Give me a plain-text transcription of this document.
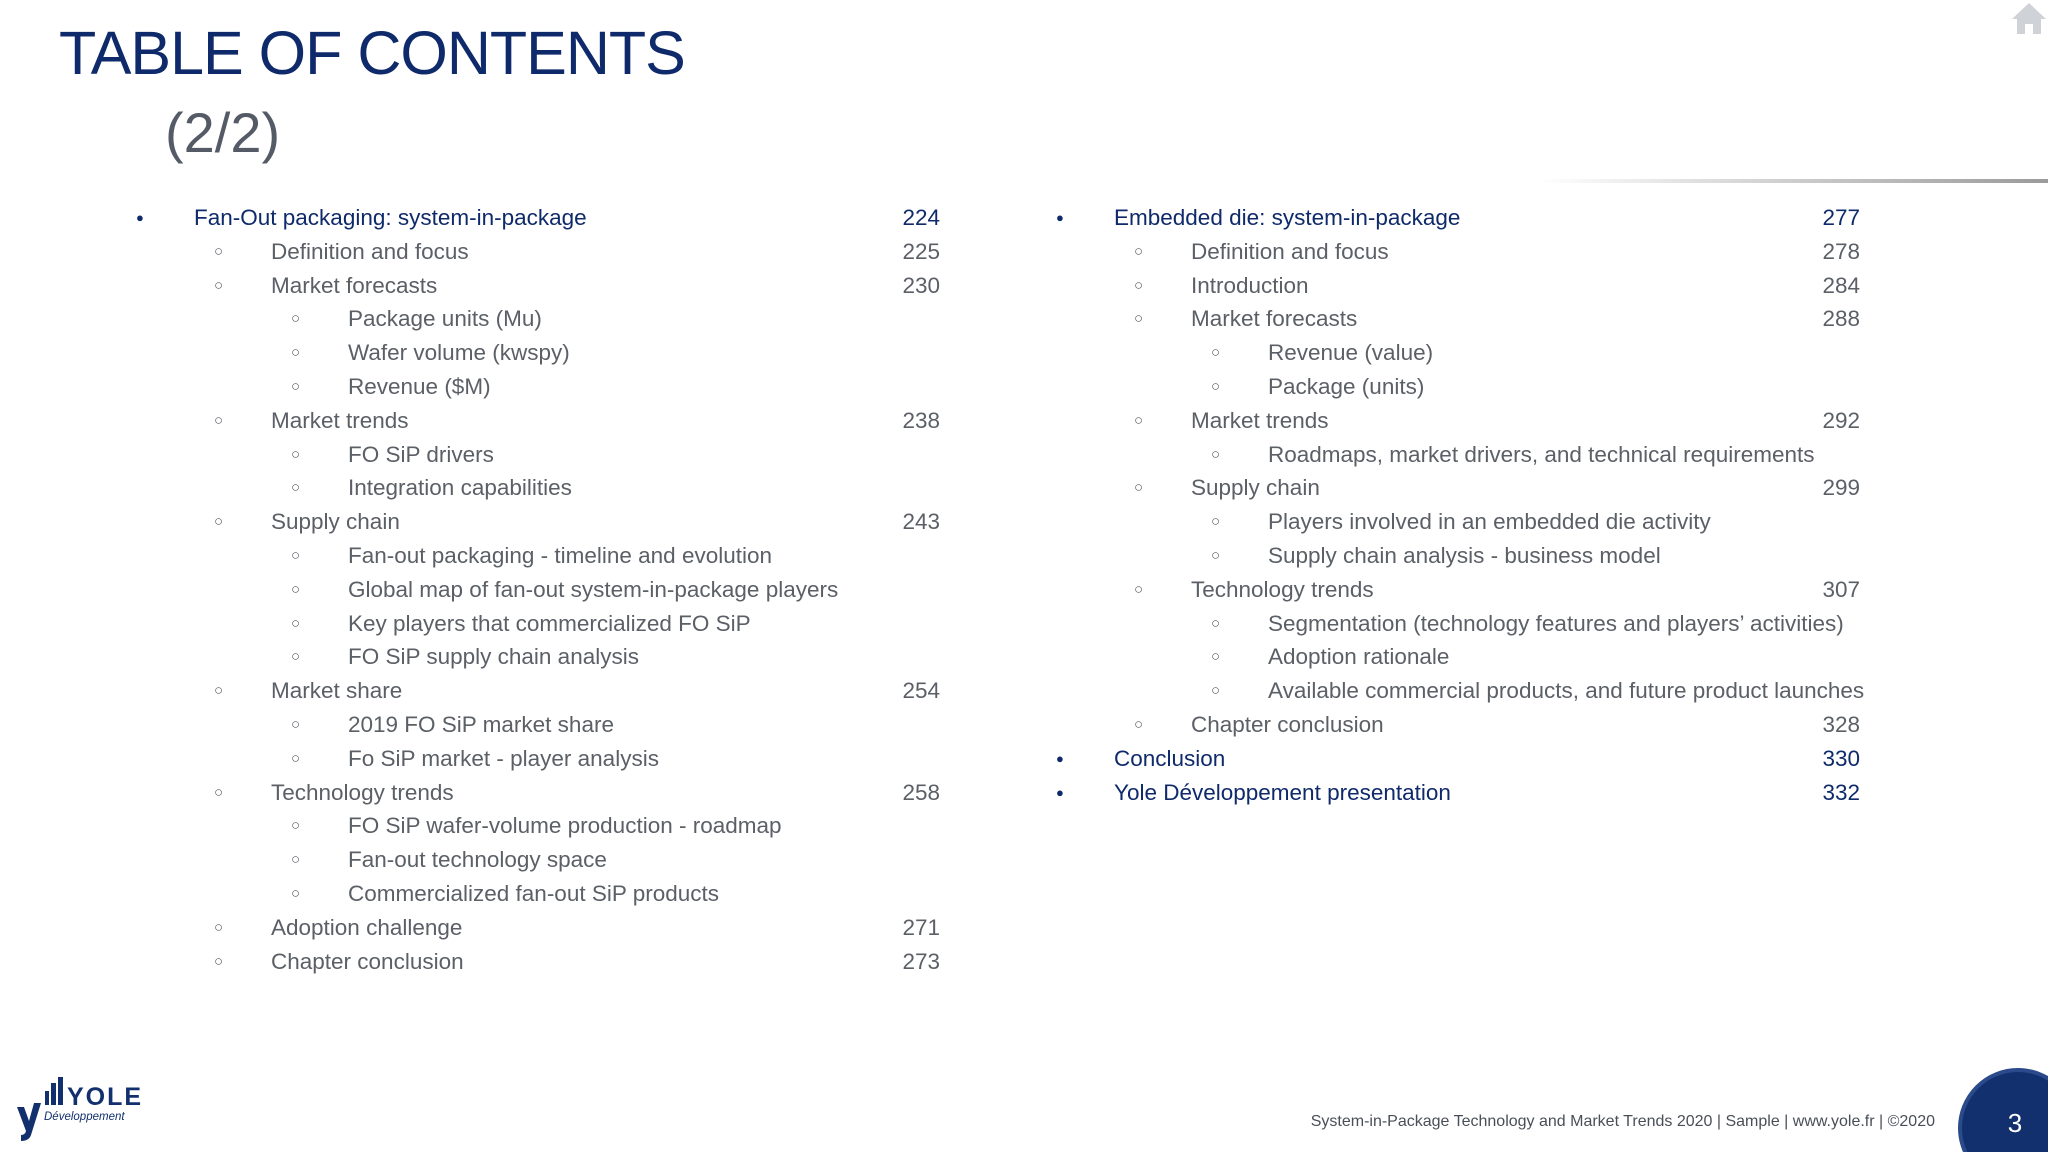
TABLE OF CONTENTS
(2/2)
● Fan-Out packaging: system-in-package	224
○ Definition and focus	225
○ Market forecasts	230
○ Package units (Mu)
○ Wafer volume (kwspy)
○ Revenue ($M)
○ Market trends	238
○ FO SiP drivers
○ Integration capabilities
○ Supply chain	243
○ Fan-out packaging - timeline and evolution
○ Global map of fan-out system-in-package players
○ Key players that commercialized FO SiP
○ FO SiP supply chain analysis
○ Market share	254
○ 2019 FO SiP market share
○ Fo SiP market - player analysis
○ Technology trends	258
○ FO SiP wafer-volume production - roadmap
○ Fan-out technology space
○ Commercialized fan-out SiP products
○ Adoption challenge	271
○ Chapter conclusion	273
● Embedded die: system-in-package	277
○ Definition and focus	278
○ Introduction	284
○ Market forecasts	288
○ Revenue (value)
○ Package (units)
○ Market trends	292
○ Roadmaps, market drivers, and technical requirements
○ Supply chain	299
○ Players involved in an embedded die activity
○ Supply chain analysis - business model
○ Technology trends	307
○ Segmentation (technology features and players’ activities)
○ Adoption rationale
○ Available commercial products, and future product launches
○ Chapter conclusion	328
● Conclusion	330
● Yole Développement presentation	332
YOLE
Développement	System-in-Package Technology and Market Trends 2020 | Sample | www.yole.fr | ©2020	3
